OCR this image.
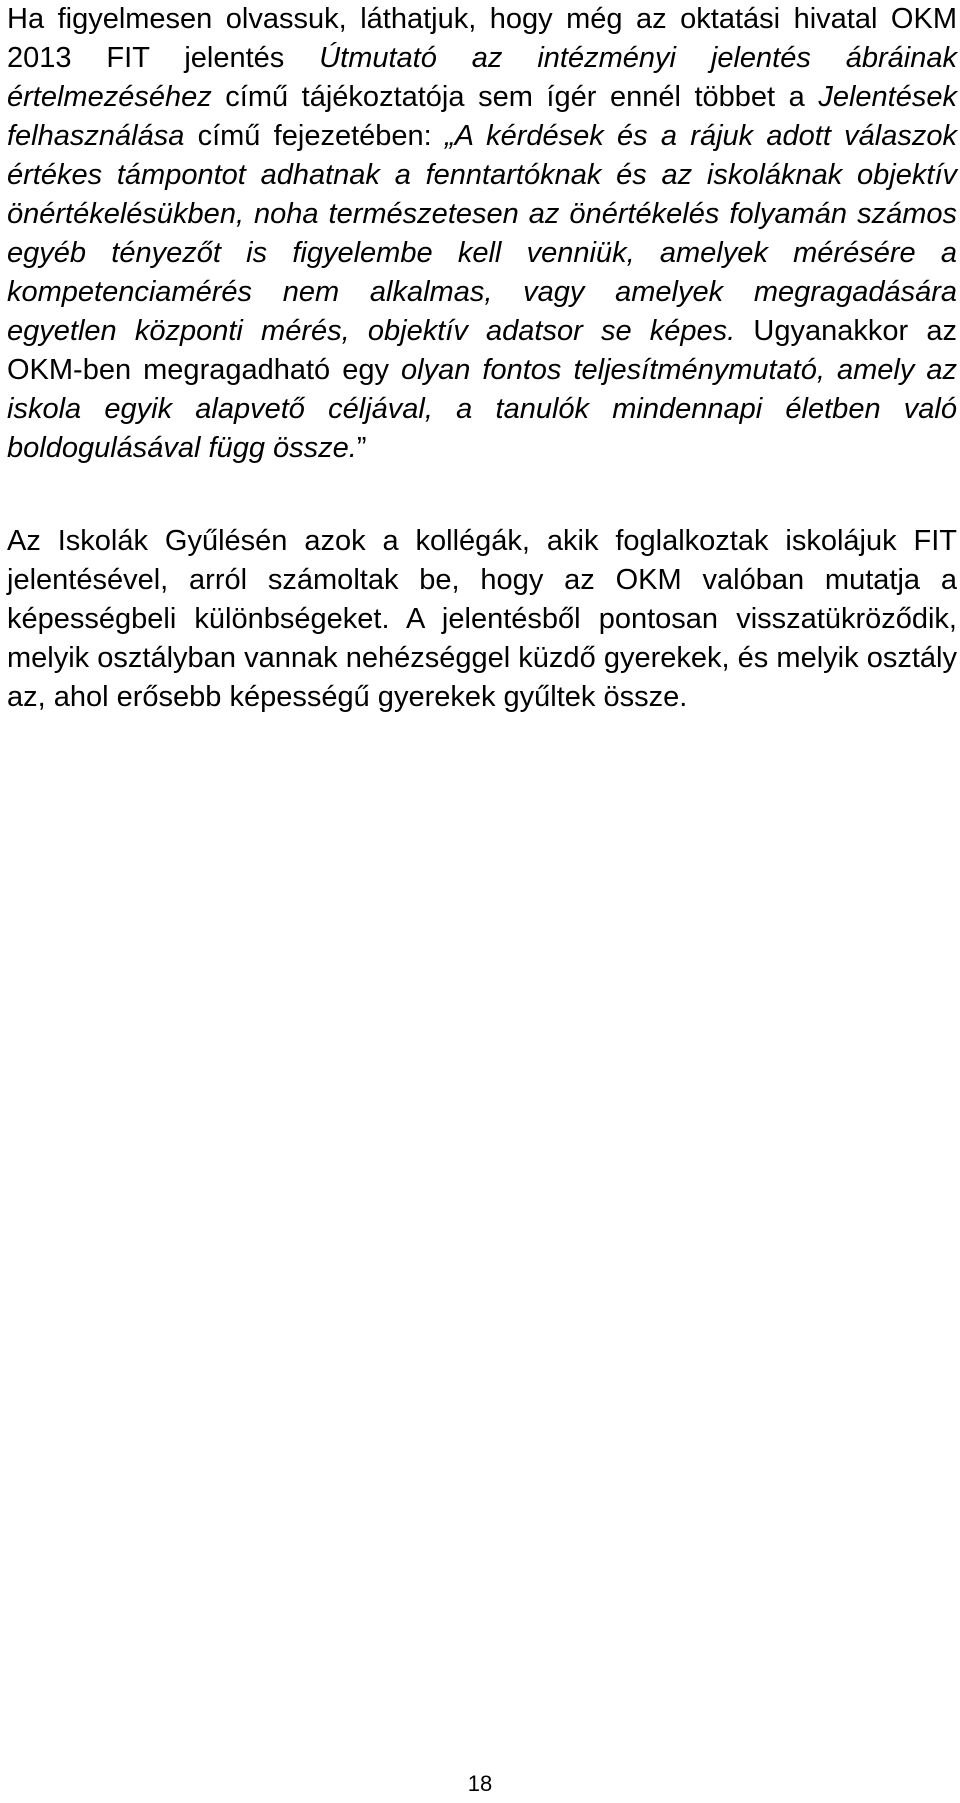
Ha figyelmesen olvassuk, láthatjuk, hogy még az oktatási hivatal OKM 2013 FIT jelentés Útmutató az intézményi jelentés ábráinak értelmezéséhez című tájékoztatója sem ígér ennél többet a Jelentések felhasználása című fejezetében: „A kérdések és a rájuk adott válaszok értékes támpontot adhatnak a fenntartóknak és az iskoláknak objektív önértékelésükben, noha természetesen az önértékelés folyamán számos egyéb tényezőt is figyelembe kell venniük, amelyek mérésére a kompetenciamérés nem alkalmas, vagy amelyek megragadására egyetlen központi mérés, objektív adatsor se képes. Ugyanakkor az OKM-ben megragadható egy olyan fontos teljesítménymutató, amely az iskola egyik alapvető céljával, a tanulók mindennapi életben való boldogulásával függ össze.”

Az Iskolák Gyűlésén azok a kollégák, akik foglalkoztak iskolájuk FIT jelentésével, arról számoltak be, hogy az OKM valóban mutatja a képességbeli különbségeket. A jelentésből pontosan visszatükröződik, melyik osztályban vannak nehézséggel küzdő gyerekek, és melyik osztály az, ahol erősebb képességű gyerekek gyűltek össze.

18
